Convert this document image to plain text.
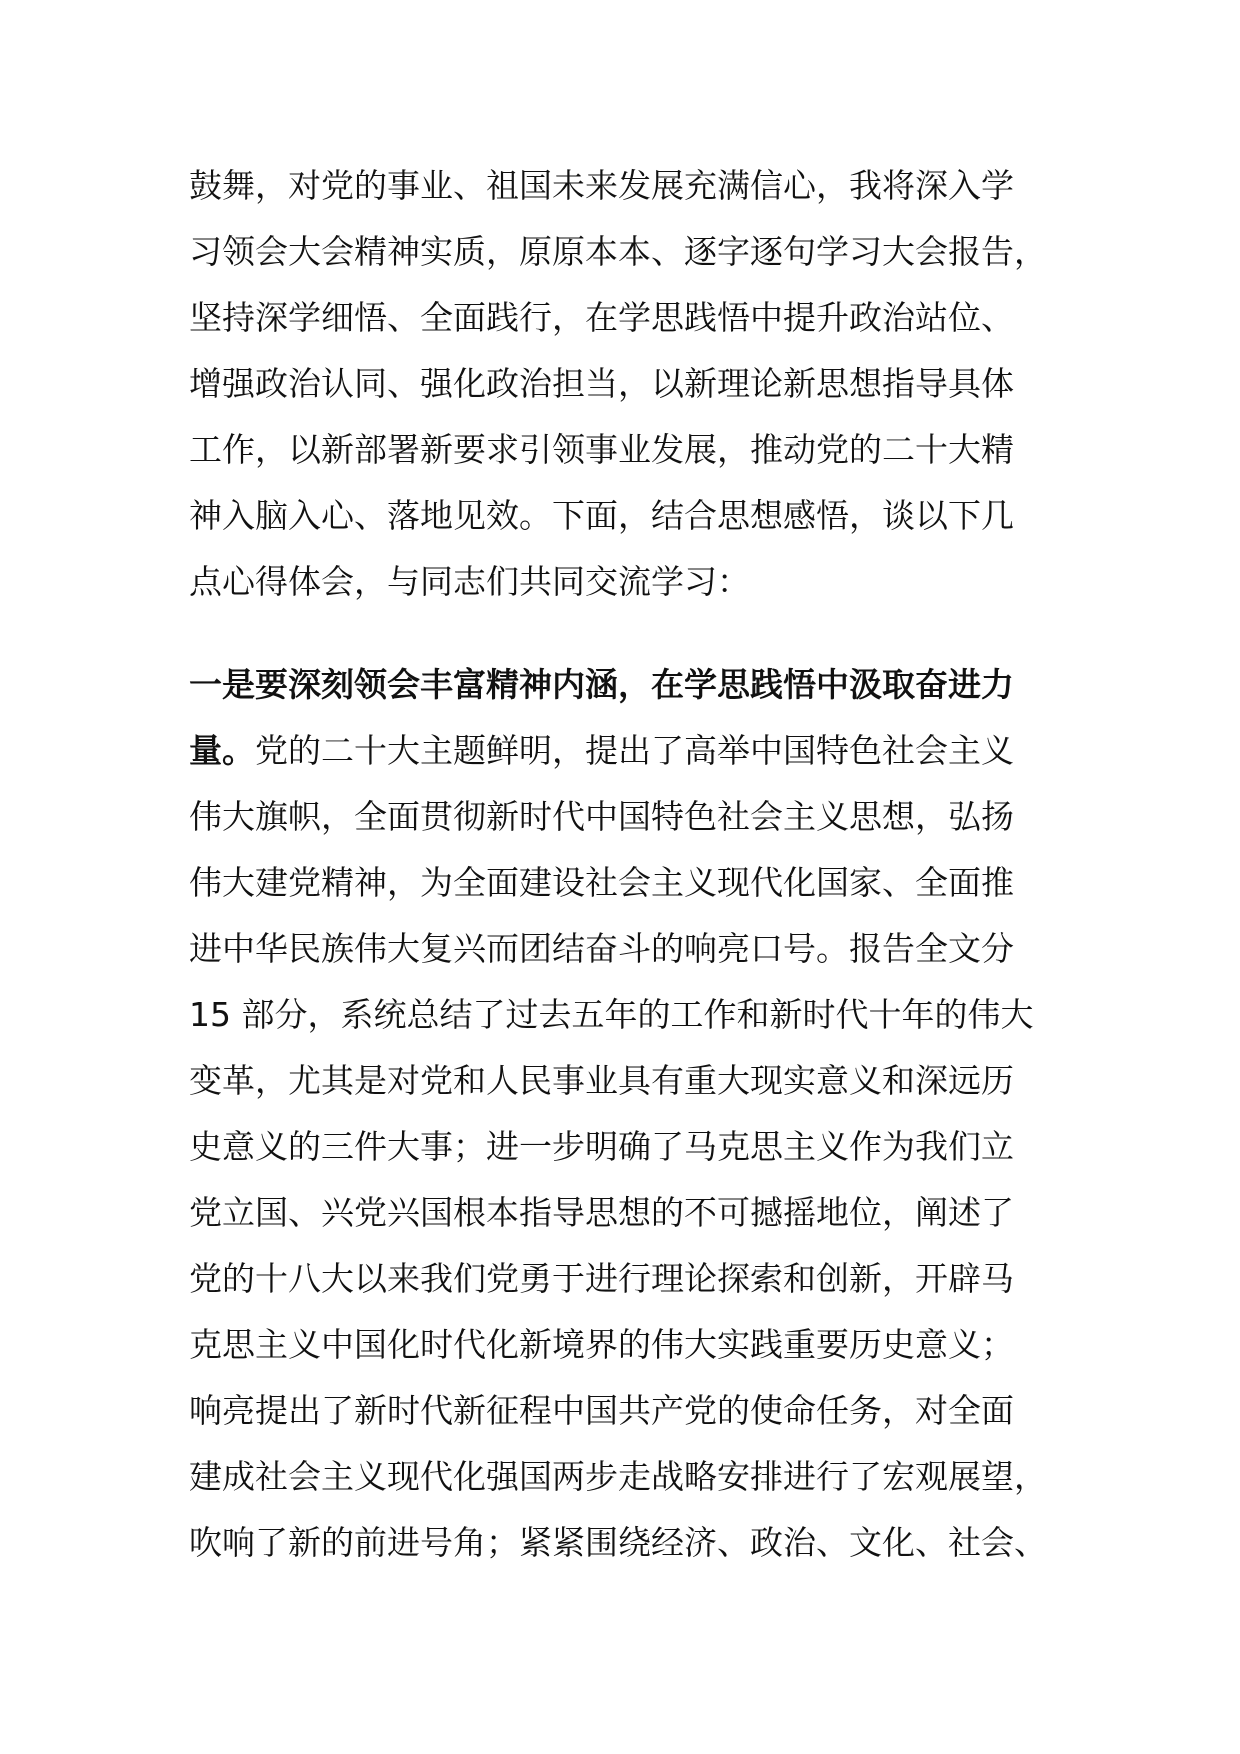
鼓舞，对党的事业、祖国未来发展充满信心，我将深入学
习领会大会精神实质，原原本本、逐字逐句学习大会报告，
坚持深学细悟、全面践行，在学思践悟中提升政治站位、
增强政治认同、强化政治担当，以新理论新思想指导具体
工作，以新部署新要求引领事业发展，推动党的二十大精
神入脑入心、落地见效。下面，结合思想感悟，谈以下几
点心得体会，与同志们共同交流学习：
一是要深刻领会丰富精神内涵，在学思践悟中汲取奋进力
量。党的二十大主题鲜明，提出了高举中国特色社会主义
伟大旗帜，全面贯彻新时代中国特色社会主义思想，弘扬
伟大建党精神，为全面建设社会主义现代化国家、全面推
进中华民族伟大复兴而团结奋斗的响亮口号。报告全文分
15 部分，系统总结了过去五年的工作和新时代十年的伟大
变革，尤其是对党和人民事业具有重大现实意义和深远历
史意义的三件大事；进一步明确了马克思主义作为我们立
党立国、兴党兴国根本指导思想的不可撼摇地位，阐述了
党的十八大以来我们党勇于进行理论探索和创新，开辟马
克思主义中国化时代化新境界的伟大实践重要历史意义；
响亮提出了新时代新征程中国共产党的使命任务，对全面
建成社会主义现代化强国两步走战略安排进行了宏观展望，
吹响了新的前进号角；紧紧围绕经济、政治、文化、社会、
